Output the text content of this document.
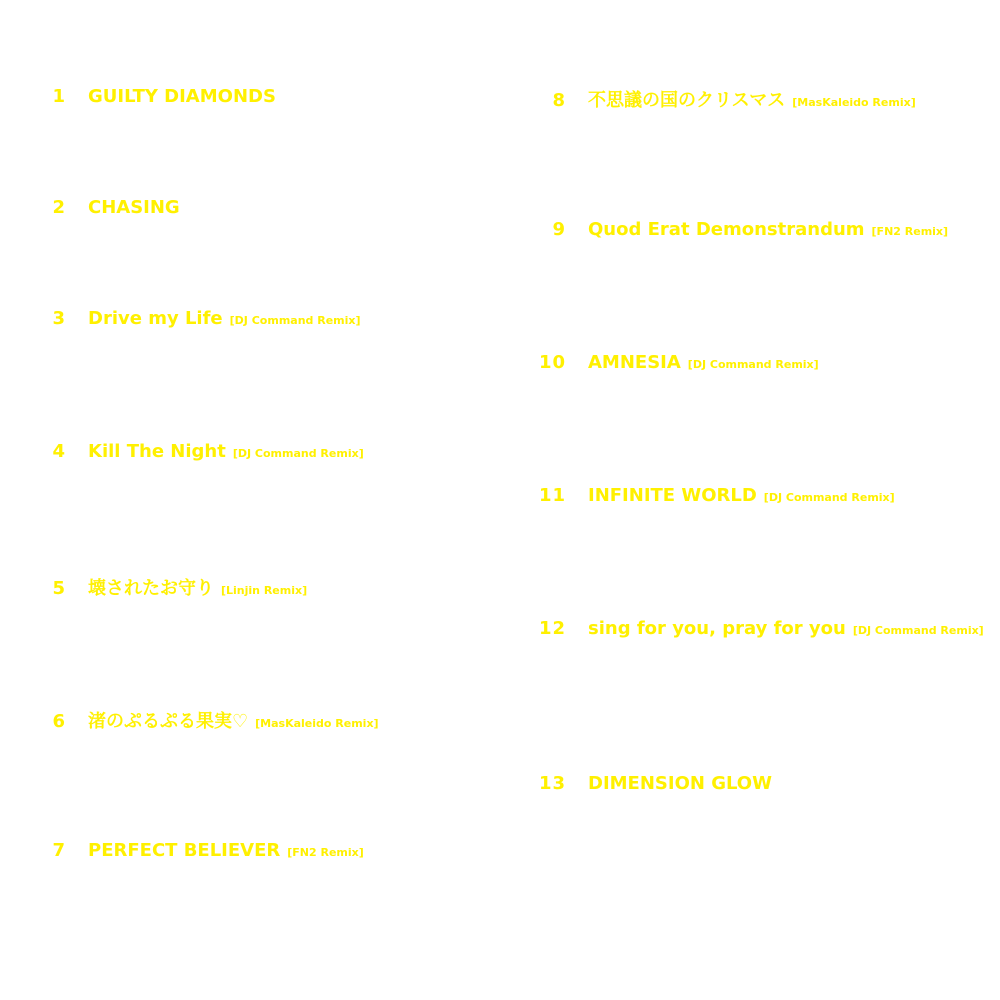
1 GUILTY DIAMONDS
2 CHASING
3 Drive my Life [DJ Command Remix]
4 Kill The Night [DJ Command Remix]
5 壊されたお守り [Linjin Remix]
6 渚のぷるぷる果実♡ [MasKaleido Remix]
7 PERFECT BELIEVER [FN2 Remix]
8 不思議の国のクリスマス [MasKaleido Remix]
9 Quod Erat Demonstrandum [FN2 Remix]
10 AMNESIA [DJ Command Remix]
11 INFINITE WORLD [DJ Command Remix]
12 sing for you, pray for you [DJ Command Remix]
13 DIMENSION GLOW
